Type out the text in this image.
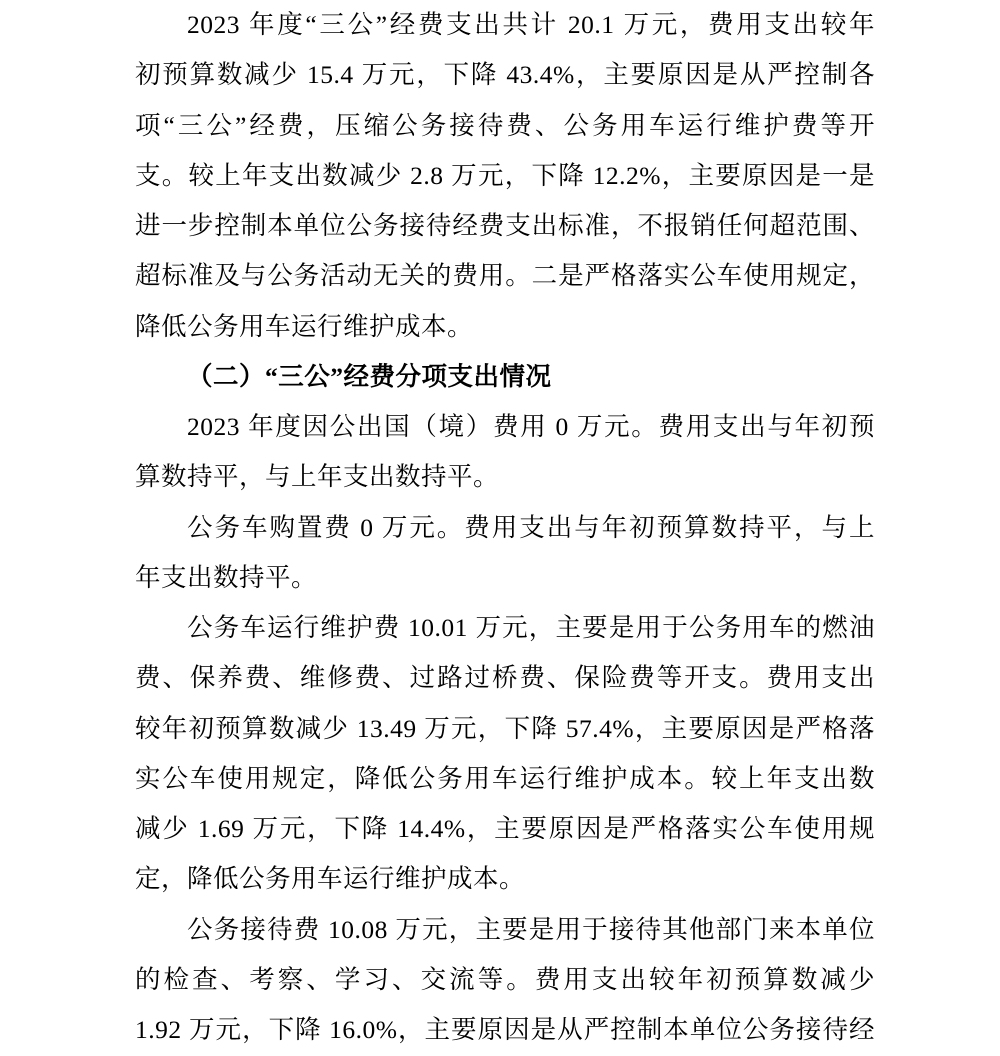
2023 年度“三公”经费支出共计 20.1 万元，费用支出较年
初预算数减少 15.4 万元，下降 43.4%，主要原因是从严控制各
项“三公”经费，压缩公务接待费、公务用车运行维护费等开
支。较上年支出数减少 2.8 万元，下降 12.2%，主要原因是一是
进一步控制本单位公务接待经费支出标准，不报销任何超范围、
超标准及与公务活动无关的费用。二是严格落实公车使用规定，
降低公务用车运行维护成本。
（二）“三公”经费分项支出情况
2023 年度因公出国（境）费用 0 万元。费用支出与年初预
算数持平，与上年支出数持平。
公务车购置费 0 万元。费用支出与年初预算数持平，与上
年支出数持平。
公务车运行维护费 10.01 万元，主要是用于公务用车的燃油
费、保养费、维修费、过路过桥费、保险费等开支。费用支出
较年初预算数减少 13.49 万元，下降 57.4%，主要原因是严格落
实公车使用规定，降低公务用车运行维护成本。较上年支出数
减少 1.69 万元，下降 14.4%，主要原因是严格落实公车使用规
定，降低公务用车运行维护成本。
公务接待费 10.08 万元，主要是用于接待其他部门来本单位
的检查、考察、学习、交流等。费用支出较年初预算数减少
1.92 万元，下降 16.0%，主要原因是从严控制本单位公务接待经
